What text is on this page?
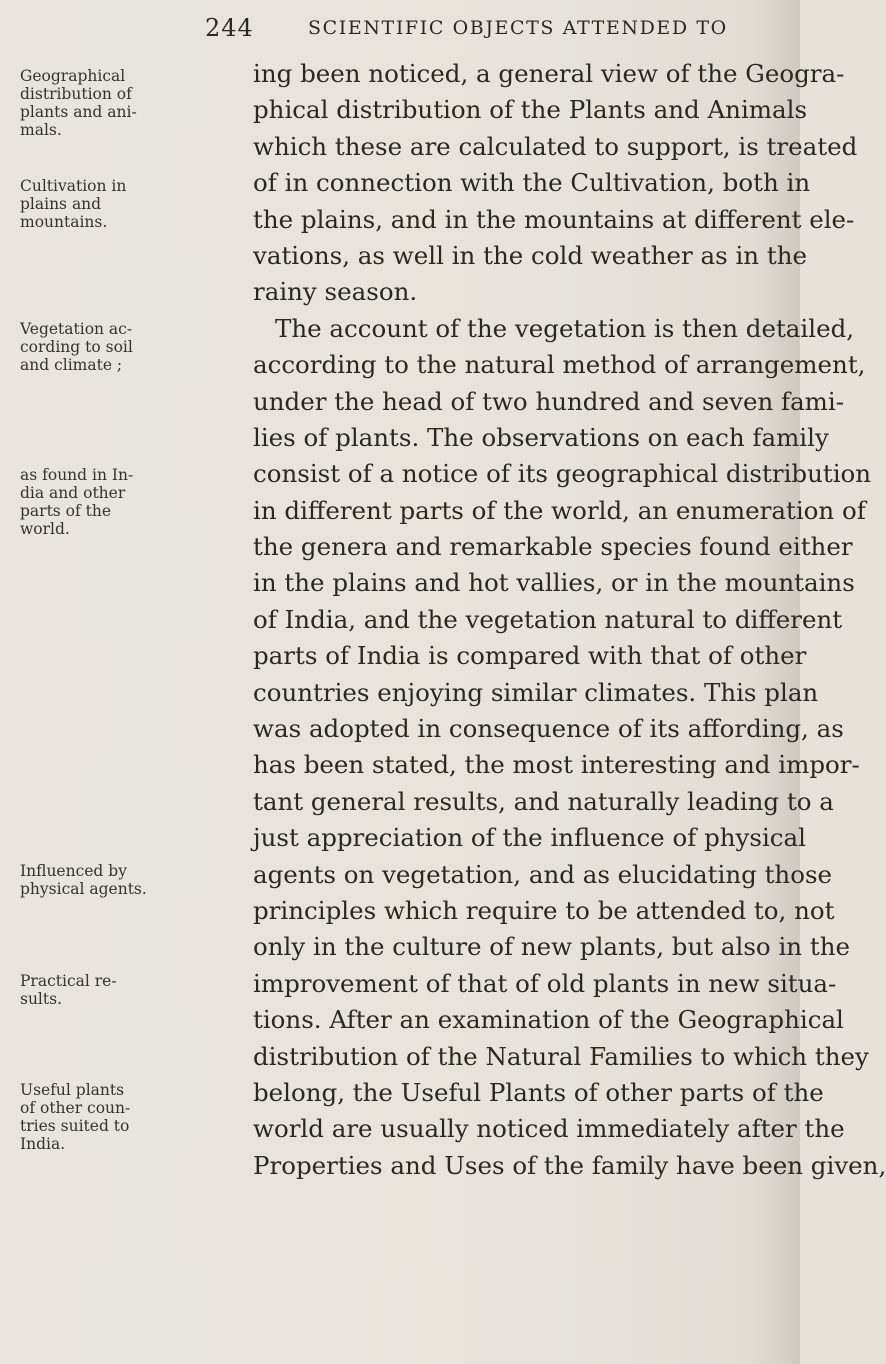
244	SCIENTIFIC OBJECTS ATTENDED TO
Geographical
distribution of
plants and ani-
mals.
Cultivation in
plains and
mountains.
Vegetation ac-
cording to soil
and climate ;
as found in In-
dia and other
parts of the
world.
Influenced by
physical agents.
Practical re-
sults.
Useful plants
of other coun-
tries suited to
India.
ing been noticed, a general view of the Geogra-
phical distribution of the Plants and Animals
which these are calculated to support, is treated
of in connection with the Cultivation, both in
the plains, and in the mountains at different ele-
vations, as well in the cold weather as in the
rainy season.
The account of the vegetation is then detailed,
according to the natural method of arrangement,
under the head of two hundred and seven fami-
lies of plants. The observations on each family
consist of a notice of its geographical distribution
in different parts of the world, an enumeration of
the genera and remarkable species found either
in the plains and hot vallies, or in the mountains
of India, and the vegetation natural to different
parts of India is compared with that of other
countries enjoying similar climates. This plan
was adopted in consequence of its affording, as
has been stated, the most interesting and impor-
tant general results, and naturally leading to a
just appreciation of the influence of physical
agents on vegetation, and as elucidating those
principles which require to be attended to, not
only in the culture of new plants, but also in the
improvement of that of old plants in new situa-
tions. After an examination of the Geographical
distribution of the Natural Families to which they
belong, the Useful Plants of other parts of the
world are usually noticed immediately after the
Properties and Uses of the family have been given,
